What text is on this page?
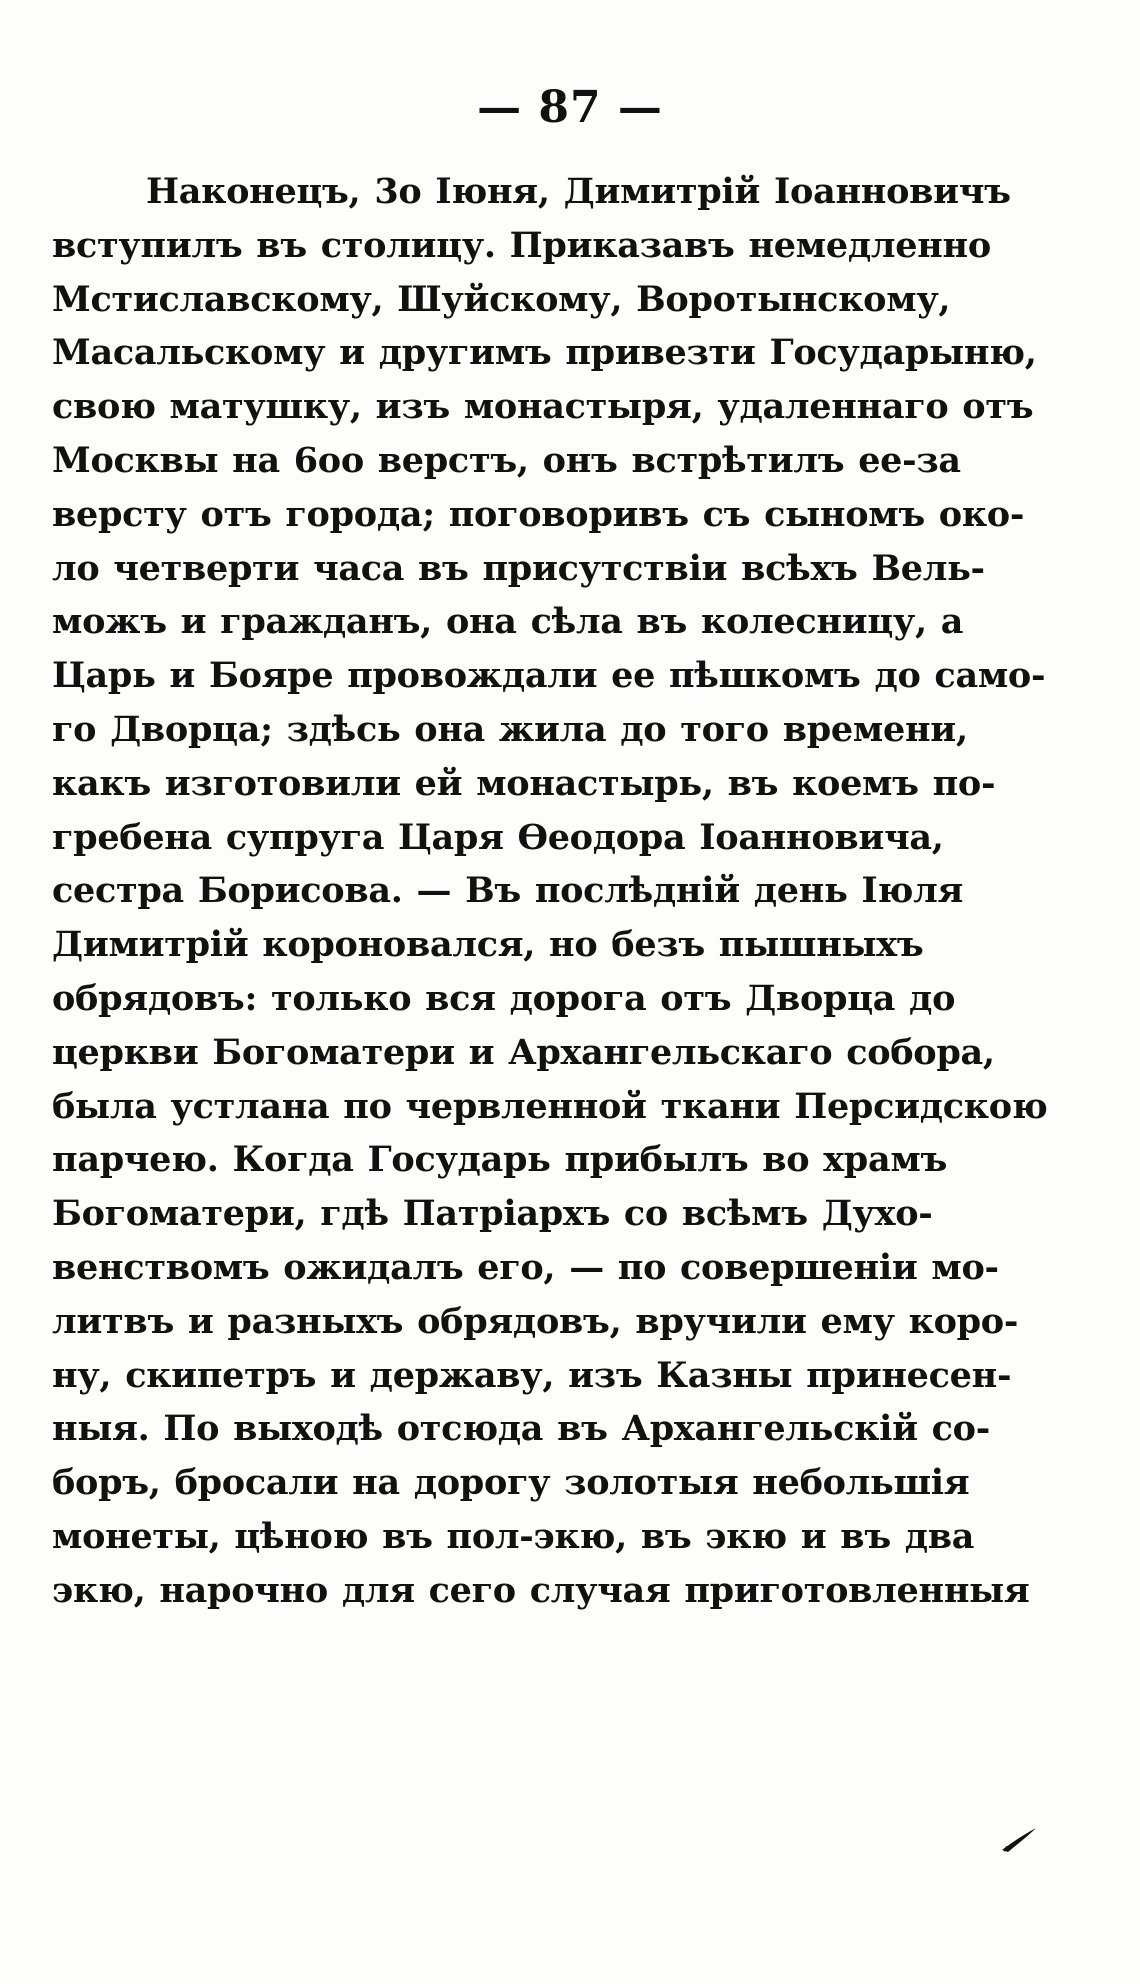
— 87 —
Наконецъ, 3о Іюня, Димитрій Іоанновичъ
вступилъ въ столицу. Приказавъ немедленно
Мстиславскому, Шуйскому, Воротынскому,
Масальскому и другимъ привезти Государыню,
свою матушку, изъ монастыря, удаленнаго отъ
Москвы на 6оо верстъ, онъ встрѣтилъ ее-за
версту отъ города; поговоривъ съ сыномъ око-
ло четверти часа въ присутствіи всѣхъ Вель-
можъ и гражданъ, она сѣла въ колесницу, а
Царь и Бояре провождали ее пѣшкомъ до само-
го Дворца; здѣсь она жила до того времени,
какъ изготовили ей монастырь, въ коемъ по-
гребена супруга Царя Ѳеодора Іоанновича,
сестра Борисова. — Въ послѣдній день Іюля
Димитрій короновался, но безъ пышныхъ
обрядовъ: только вся дорога отъ Дворца до
церкви Богоматери и Архангельскаго собора,
была устлана по червленной ткани Персидскою
парчею. Когда Государь прибылъ во храмъ
Богоматери, гдѣ Патріархъ со всѣмъ Духо-
венствомъ ожидалъ его, — по совершеніи мо-
литвъ и разныхъ обрядовъ, вручили ему коро-
ну, скипетръ и державу, изъ Казны принесен-
ныя. По выходѣ отсюда въ Архангельскій со-
боръ, бросали на дорогу золотыя небольшія
монеты, цѣною въ пол-экю, въ экю и въ два
экю, нарочно для сего случая приготовленныя
